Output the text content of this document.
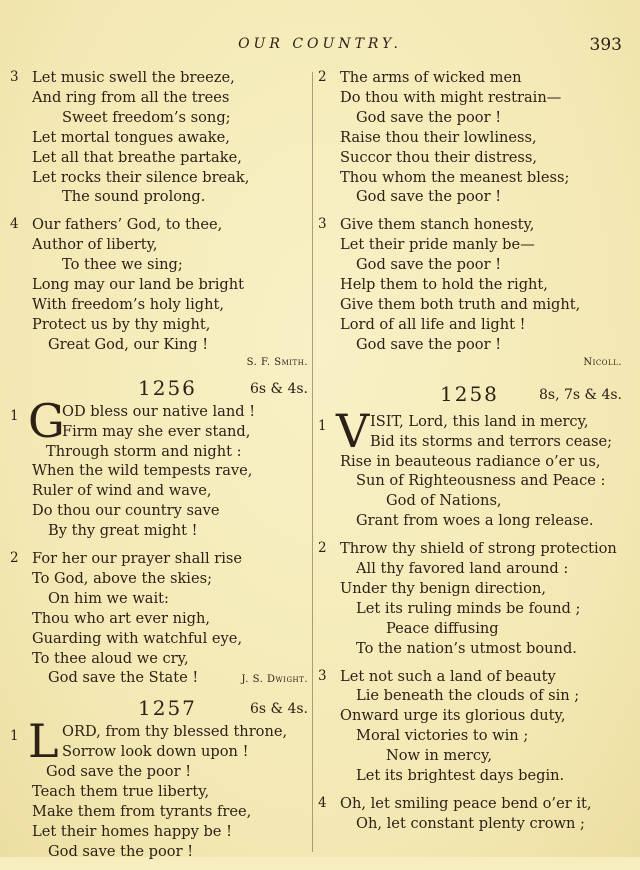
OUR COUNTRY.	393
3 Let music swell the breeze,
And ring from all the trees
Sweet freedom’s song;
Let mortal tongues awake,
Let all that breathe partake,
Let rocks their silence break,
The sound prolong.
4 Our fathers’ God, to thee,
Author of liberty,
To thee we sing;
Long may our land be bright
With freedom’s holy light,
Protect us by thy might,
Great God, our King !
S. F. Smith.
1256	6s & 4s.
1 G
OD bless our native land !
Firm may she ever stand,
Through storm and night :
When the wild tempests rave,
Ruler of wind and wave,
Do thou our country save
By thy great might !
2 For her our prayer shall rise
To God, above the skies;
On him we wait:
Thou who art ever nigh,
Guarding with watchful eye,
To thee aloud we cry,
God save the State !	J. S. Dwight.
1257	6s & 4s.
1 L ORD, from thy blessed throne,
Sorrow look down upon !
God save the poor !
Teach them true liberty,
Make them from tyrants free,
Let their homes happy be !
God save the poor !
2 The arms of wicked men
Do thou with might restrain—
God save the poor !
Raise thou their lowliness,
Succor thou their distress,
Thou whom the meanest bless;
God save the poor !
3 Give them stanch honesty,
Let their pride manly be—
God save the poor !
Help them to hold the right,
Give them both truth and might,
Lord of all life and light !
God save the poor !
Nicoll.
1258	8s, 7s & 4s.
1 V ISIT, Lord, this land in mercy,
Bid its storms and terrors cease;
Rise in beauteous radiance o’er us,
Sun of Righteousness and Peace :
God of Nations,
Grant from woes a long release.
2 Throw thy shield of strong protection
All thy favored land around :
Under thy benign direction,
Let its ruling minds be found ;
Peace diffusing
To the nation’s utmost bound.
3 Let not such a land of beauty
Lie beneath the clouds of sin ;
Onward urge its glorious duty,
Moral victories to win ;
Now in mercy,
Let its brightest days begin.
4 Oh, let smiling peace bend o’er it,
Oh, let constant plenty crown ;
